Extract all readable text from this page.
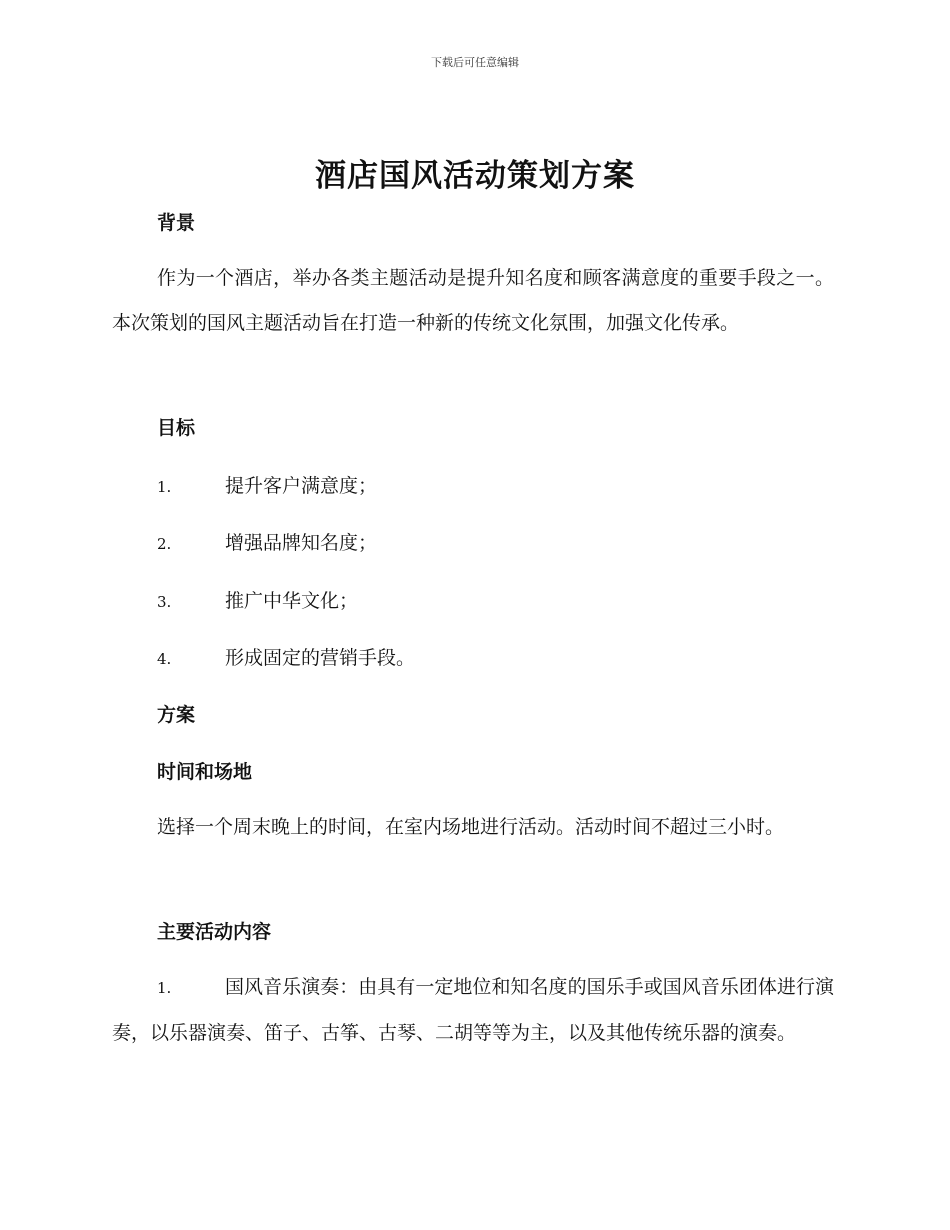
下载后可任意编辑
酒店国风活动策划方案
背景
作为一个酒店，举办各类主题活动是提升知名度和顾客满意度的重要手段之一。本次策划的国风主题活动旨在打造一种新的传统文化氛围，加强文化传承。
目标
1.	提升客户满意度；
2.	增强品牌知名度；
3.	推广中华文化；
4.	形成固定的营销手段。
方案
时间和场地
选择一个周末晚上的时间，在室内场地进行活动。活动时间不超过三小时。
主要活动内容
1.	国风音乐演奏：由具有一定地位和知名度的国乐手或国风音乐团体进行演奏，以乐器演奏、笛子、古筝、古琴、二胡等等为主，以及其他传统乐器的演奏。
